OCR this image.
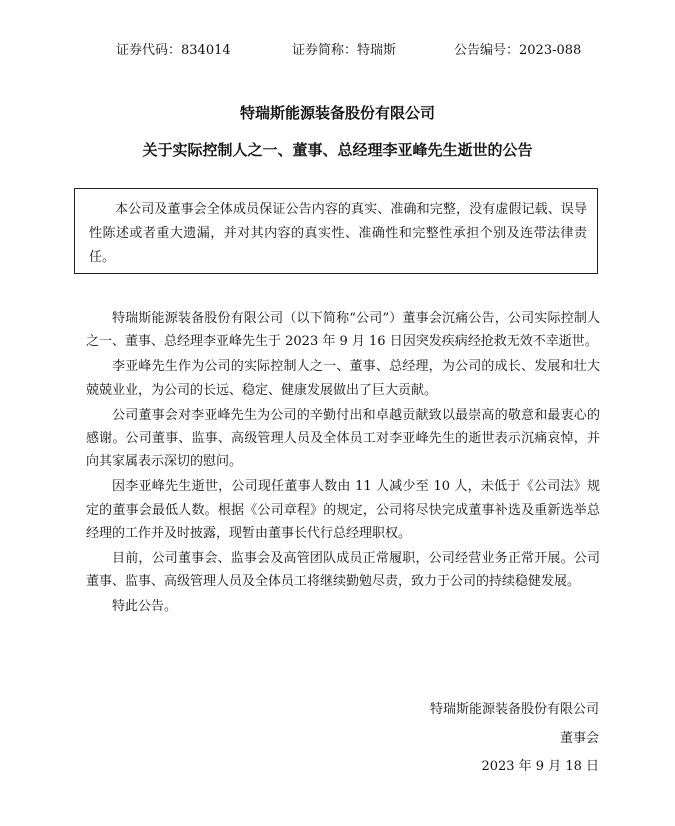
证券代码：834014	证券简称：特瑞斯	公告编号：2023-088
特瑞斯能源装备股份有限公司
关于实际控制人之一、董事、总经理李亚峰先生逝世的公告
本公司及董事会全体成员保证公告内容的真实、准确和完整，没有虚假记载、误导性陈述或者重大遗漏，并对其内容的真实性、准确性和完整性承担个别及连带法律责任。

特瑞斯能源装备股份有限公司（以下简称“公司”）董事会沉痛公告，公司实际控制人之一、董事、总经理李亚峰先生于 2023 年 9 月 16 日因突发疾病经抢救无效不幸逝世。

李亚峰先生作为公司的实际控制人之一、董事、总经理，为公司的成长、发展和壮大兢兢业业，为公司的长远、稳定、健康发展做出了巨大贡献。

公司董事会对李亚峰先生为公司的辛勤付出和卓越贡献致以最崇高的敬意和最衷心的感谢。公司董事、监事、高级管理人员及全体员工对李亚峰先生的逝世表示沉痛哀悼，并向其家属表示深切的慰问。

因李亚峰先生逝世，公司现任董事人数由 11 人减少至 10 人，未低于《公司法》规定的董事会最低人数。根据《公司章程》的规定，公司将尽快完成董事补选及重新选举总经理的工作并及时披露，现暂由董事长代行总经理职权。

目前，公司董事会、监事会及高管团队成员正常履职，公司经营业务正常开展。公司董事、监事、高级管理人员及全体员工将继续勤勉尽责，致力于公司的持续稳健发展。

特此公告。

特瑞斯能源装备股份有限公司
董事会
2023 年 9 月 18 日
